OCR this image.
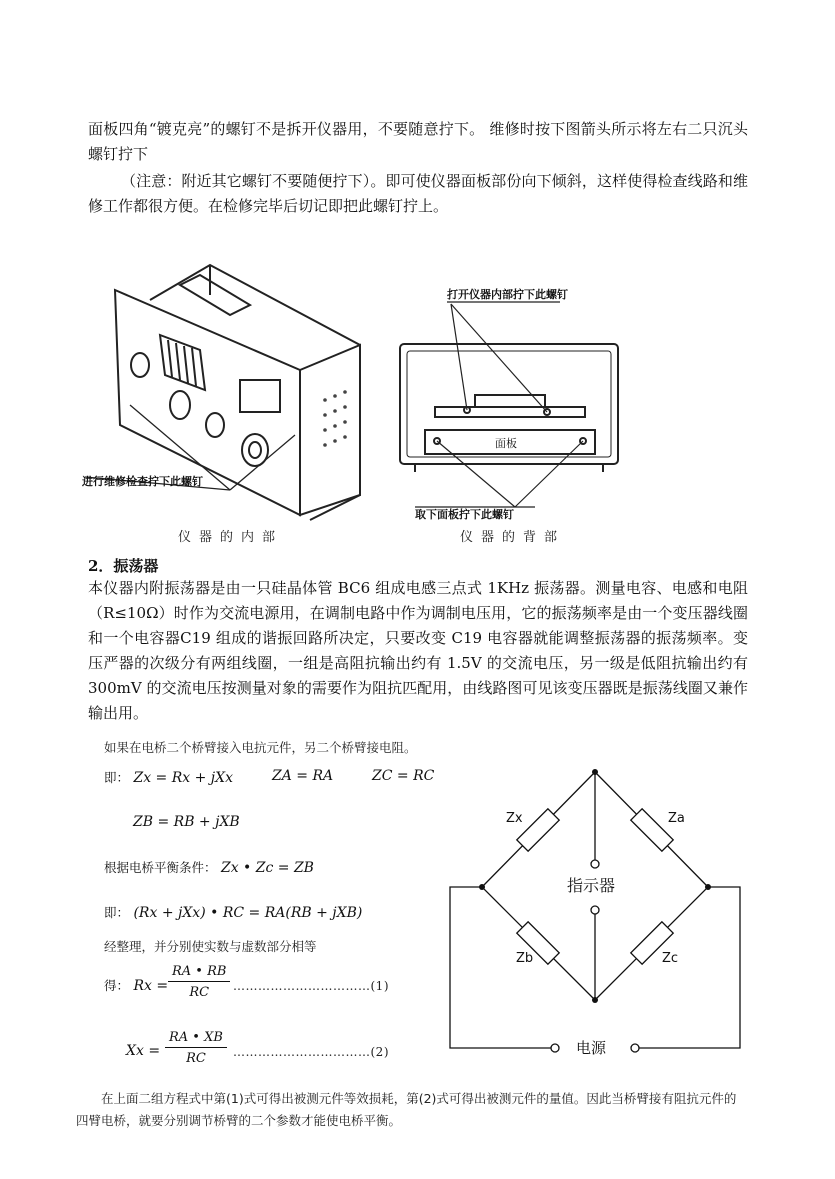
面板四角“镀克亮”的螺钉不是拆开仪器用，不要随意拧下。 维修时按下图箭头所示将左右二只沉头螺钉拧下
（注意：附近其它螺钉不要随便拧下）。即可使仪器面板部份向下倾斜，这样使得检查线路和维修工作都很方便。在检修完毕后切记即把此螺钉拧上。
进行维修检查拧下此螺钉
仪器的内部
打开仪器内部拧下此螺钉
面板
取下面板拧下此螺钉
仪器的背部
2．振荡器
本仪器内附振荡器是由一只硅晶体管 BC6 组成电感三点式 1KHz 振荡器。测量电容、电感和电阻（R≤10Ω）时作为交流电源用，在调制电路中作为调制电压用，它的振荡频率是由一个变压器线圈和一个电容器C19 组成的谐振回路所决定，只要改变 C19 电容器就能调整振荡器的振荡频率。变压严器的次级分有两组线圈，一组是高阻抗输出约有 1.5V 的交流电压，另一级是低阻抗输出约有 300mV 的交流电压按测量对象的需要作为阻抗匹配用，由线路图可见该变压器既是振荡线圈又兼作输出用。
如果在电桥二个桥臂接入电抗元件，另二个桥臂接电阻。
即： Zx = Rx + jXx	ZA = RA	ZC = RC
ZB = RB + jXB
根据电桥平衡条件： Zx • Zc = ZB
即： (Rx + jXx) • RC = RA(RB + jXB)
经整理，并分别使实数与虚数部分相等
得： $Rx = \frac{RA • RB}{RC}$ ……………………………(1)
$Xx = \frac{RA • XB}{RC}$ ……………………………(2)
Zx	Za
Zb	Zc
指示器
电源
在上面二组方程式中第(1)式可得出被测元件等效损耗，第(2)式可得出被测元件的量值。因此当桥臂接有阻抗元件的四臂电桥，就要分别调节桥臂的二个参数才能使电桥平衡。
